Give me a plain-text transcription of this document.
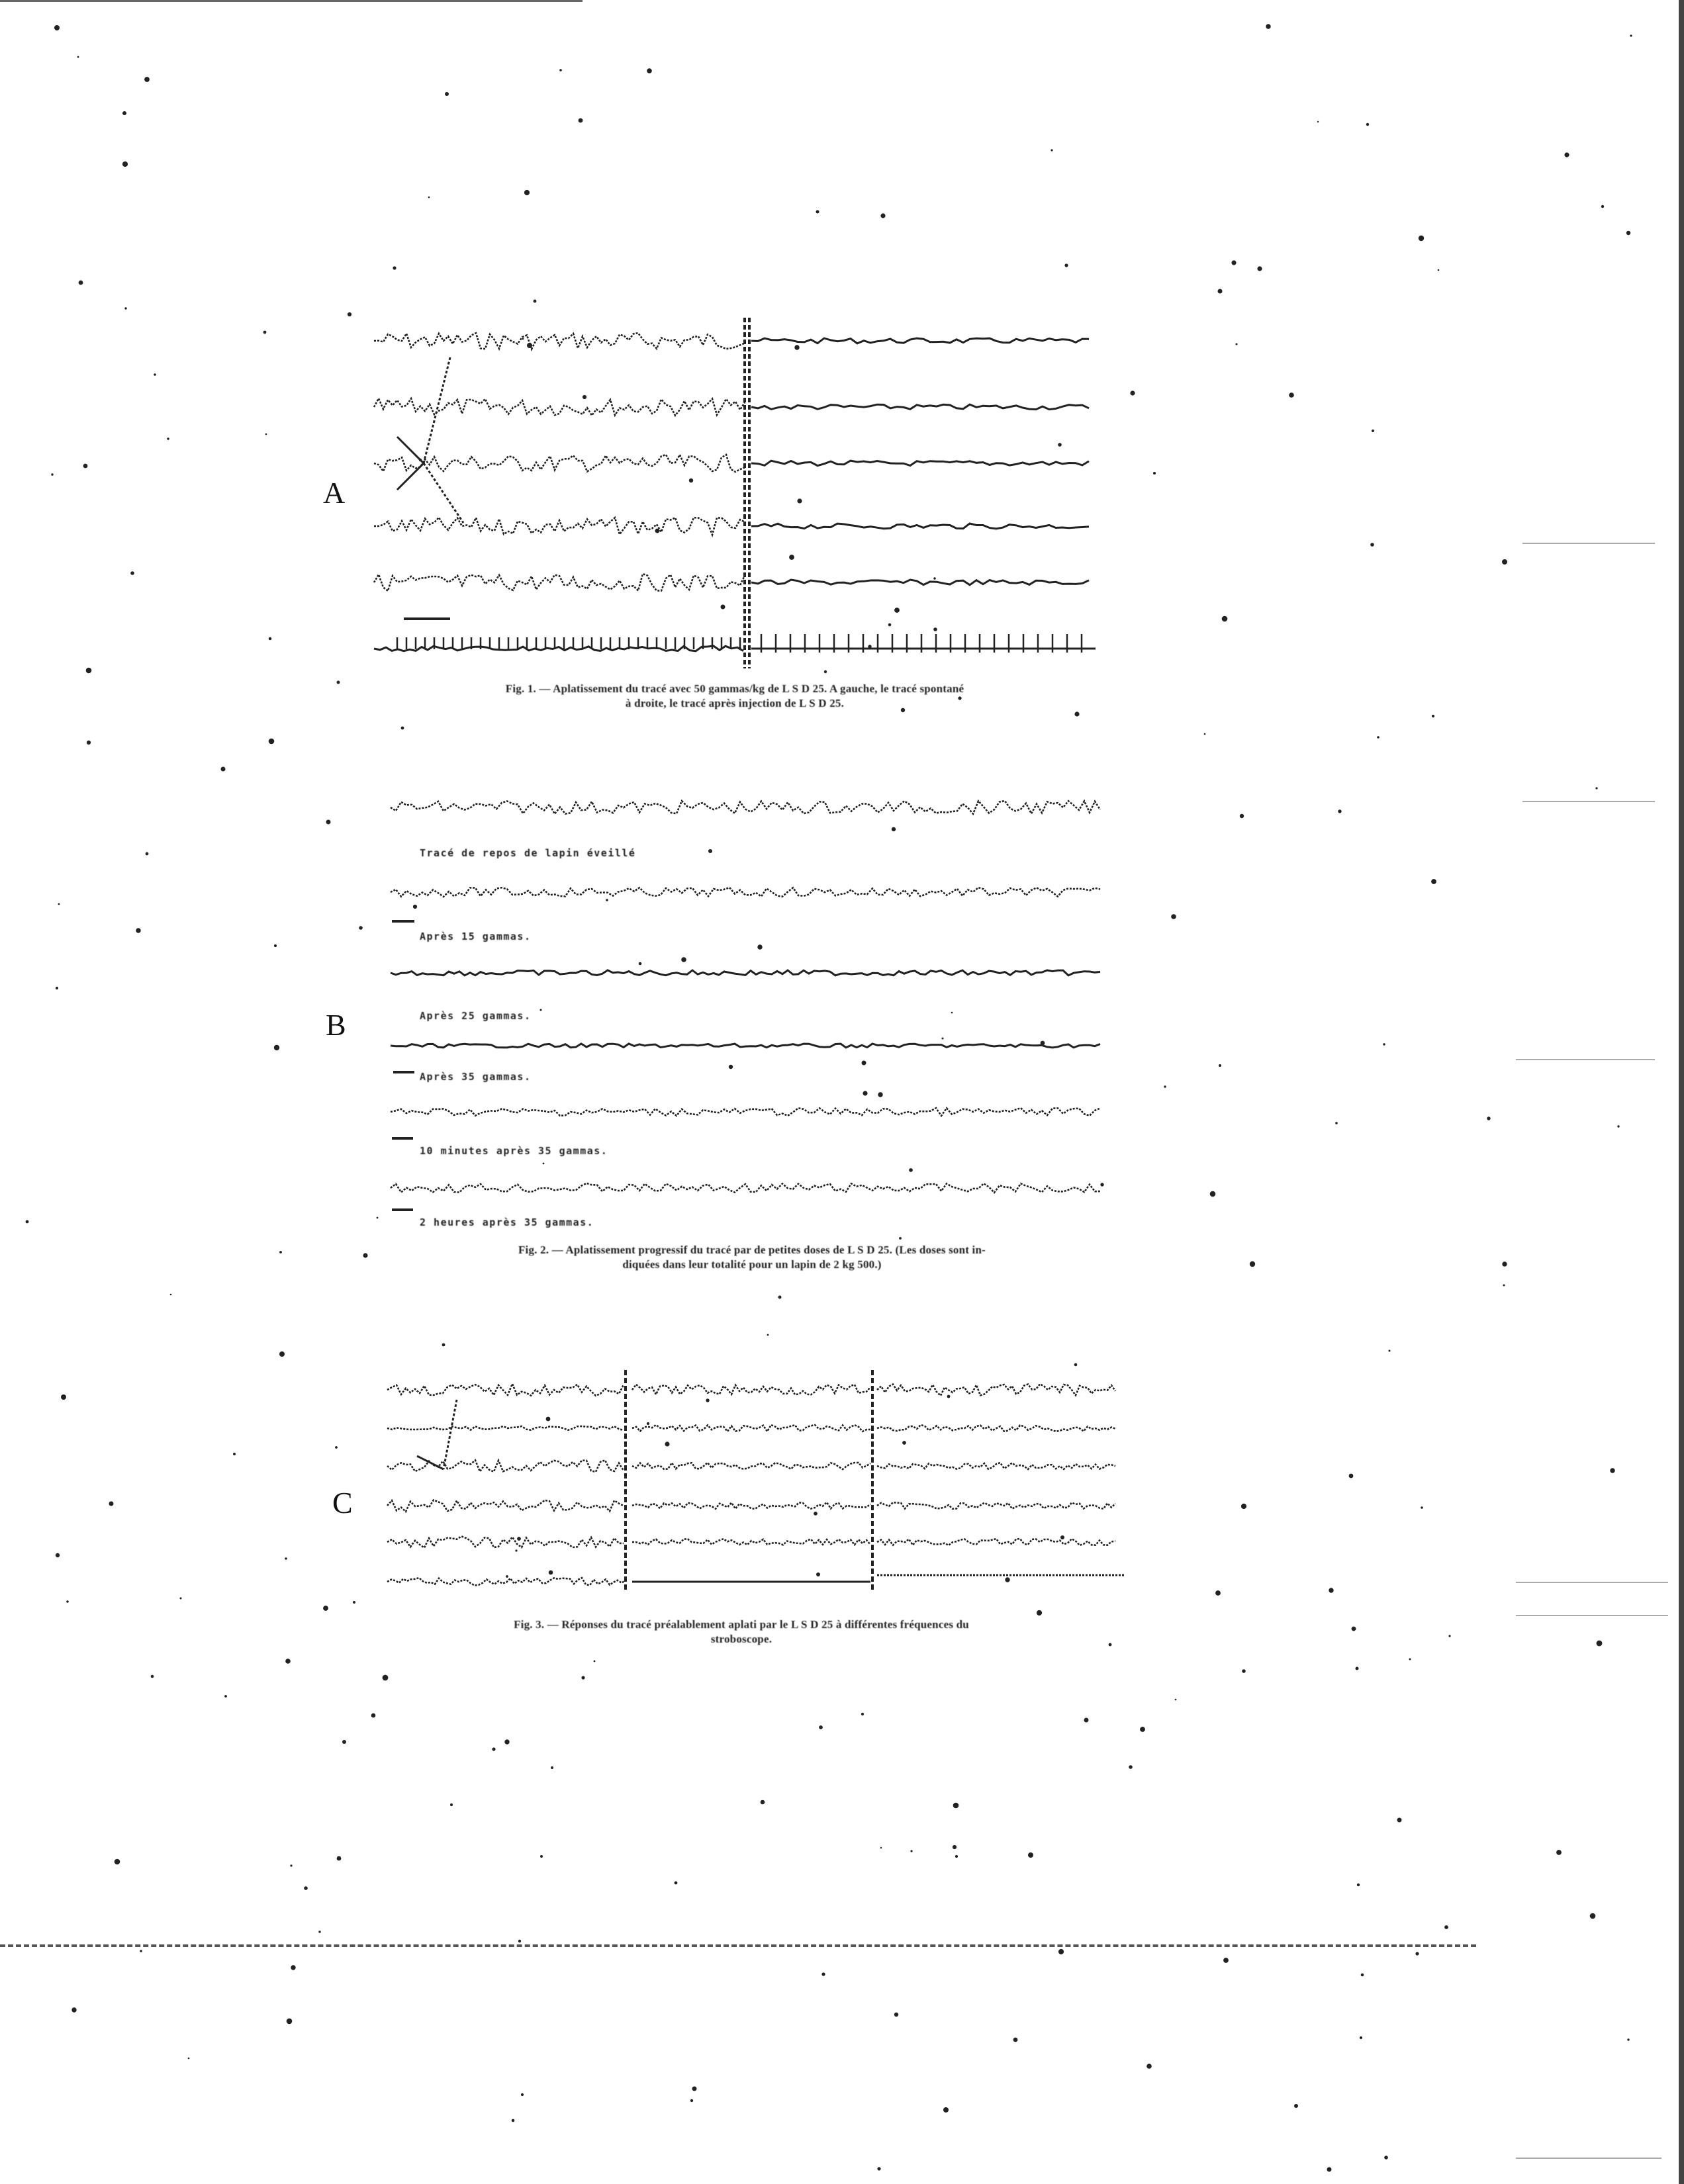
A
Fig. 1. — Aplatissement du tracé avec 50 gammas/kg de L S D 25. A gauche, le tracé spontané
à droite, le tracé après injection de L S D 25.
B
Tracé de repos de lapin éveillé
Après 15 gammas.
Après 25 gammas.
Après 35 gammas.
10 minutes après 35 gammas.
2 heures après 35 gammas.
Fig. 2. — Aplatissement progressif du tracé par de petites doses de L S D 25. (Les doses sont in-
diquées dans leur totalité pour un lapin de 2 kg 500.)
C
Fig. 3. — Réponses du tracé préalablement aplati par le L S D 25 à différentes fréquences du
stroboscope.
